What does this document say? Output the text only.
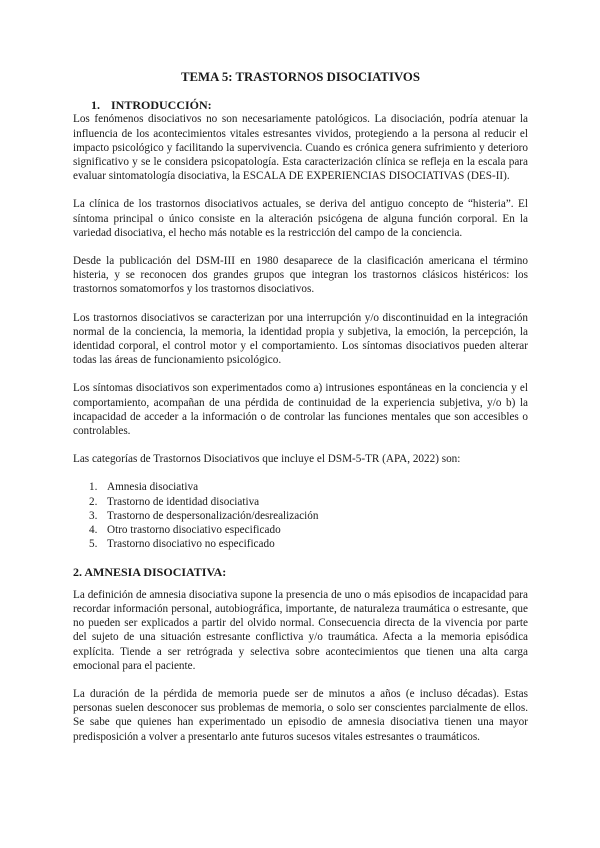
TEMA 5: TRASTORNOS DISOCIATIVOS
1. INTRODUCCIÓN:

Los fenómenos disociativos no son necesariamente patológicos. La disociación, podría atenuar la influencia de los acontecimientos vitales estresantes vividos, protegiendo a la persona al reducir el impacto psicológico y facilitando la supervivencia. Cuando es crónica genera sufrimiento y deterioro significativo y se le considera psicopatología. Esta caracterización clínica se refleja en la escala para evaluar sintomatología disociativa, la ESCALA DE EXPERIENCIAS DISOCIATIVAS (DES-II).

La clínica de los trastornos disociativos actuales, se deriva del antiguo concepto de “histeria”. El síntoma principal o único consiste en la alteración psicógena de alguna función corporal. En la variedad disociativa, el hecho más notable es la restricción del campo de la conciencia.

Desde la publicación del DSM-III en 1980 desaparece de la clasificación americana el término histeria, y se reconocen dos grandes grupos que integran los trastornos clásicos histéricos: los trastornos somatomorfos y los trastornos disociativos.

Los trastornos disociativos se caracterizan por una interrupción y/o discontinuidad en la integración normal de la conciencia, la memoria, la identidad propia y subjetiva, la emoción, la percepción, la identidad corporal, el control motor y el comportamiento. Los síntomas disociativos pueden alterar todas las áreas de funcionamiento psicológico.

Los síntomas disociativos son experimentados como a) intrusiones espontáneas en la conciencia y el comportamiento, acompañan de una pérdida de continuidad de la experiencia subjetiva, y/o b) la incapacidad de acceder a la información o de controlar las funciones mentales que son accesibles o controlables.

Las categorías de Trastornos Disociativos que incluye el DSM-5-TR (APA, 2022) son:

1. Amnesia disociativa
2. Trastorno de identidad disociativa
3. Trastorno de despersonalización/desrealización
4. Otro trastorno disociativo especificado
5. Trastorno disociativo no especificado
2. AMNESIA DISOCIATIVA:

La definición de amnesia disociativa supone la presencia de uno o más episodios de incapacidad para recordar información personal, autobiográfica, importante, de naturaleza traumática o estresante, que no pueden ser explicados a partir del olvido normal. Consecuencia directa de la vivencia por parte del sujeto de una situación estresante conflictiva y/o traumática. Afecta a la memoria episódica explícita. Tiende a ser retrógrada y selectiva sobre acontecimientos que tienen una alta carga emocional para el paciente.

La duración de la pérdida de memoria puede ser de minutos a años (e incluso décadas). Estas personas suelen desconocer sus problemas de memoria, o solo ser conscientes parcialmente de ellos. Se sabe que quienes han experimentado un episodio de amnesia disociativa tienen una mayor predisposición a volver a presentarlo ante futuros sucesos vitales estresantes o traumáticos.
